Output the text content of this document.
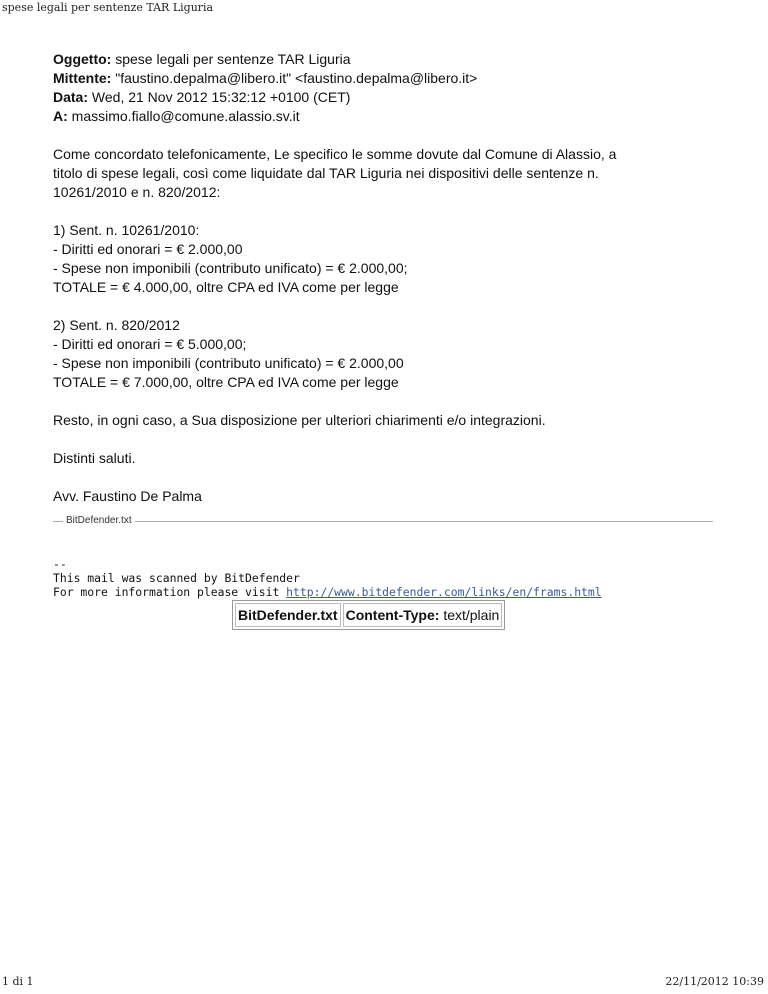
spese legali per sentenze TAR Liguria

Oggetto: spese legali per sentenze TAR Liguria

Mittente: "faustino.depalma@libero.it" <faustino.depalma@libero.it>

Data: Wed, 21 Nov 2012 15:32:12 +0100 (CET)

A: massimo.fiallo@comune.alassio.sv.it

Come concordato telefonicamente, Le specifico le somme dovute dal Comune di Alassio, a

titolo di spese legali, così come liquidate dal TAR Liguria nei dispositivi delle sentenze n.

10261/2010 e n. 820/2012:

1) Sent. n. 10261/2010:

- Diritti ed onorari = € 2.000,00

- Spese non imponibili (contributo unificato) = € 2.000,00;

TOTALE = € 4.000,00, oltre CPA ed IVA come per legge

2) Sent. n. 820/2012

- Diritti ed onorari = € 5.000,00;

- Spese non imponibili (contributo unificato) = € 2.000,00

TOTALE = € 7.000,00, oltre CPA ed IVA come per legge

Resto, in ogni caso, a Sua disposizione per ulteriori chiarimenti e/o integrazioni.

Distinti saluti.

Avv. Faustino De Palma

BitDefender.txt
--
This mail was scanned by BitDefender
For more information please visit http://www.bitdefender.com/links/en/frams.html
BitDefender.txt	Content-Type: text/plain
1 di 1	22/11/2012 10:39
